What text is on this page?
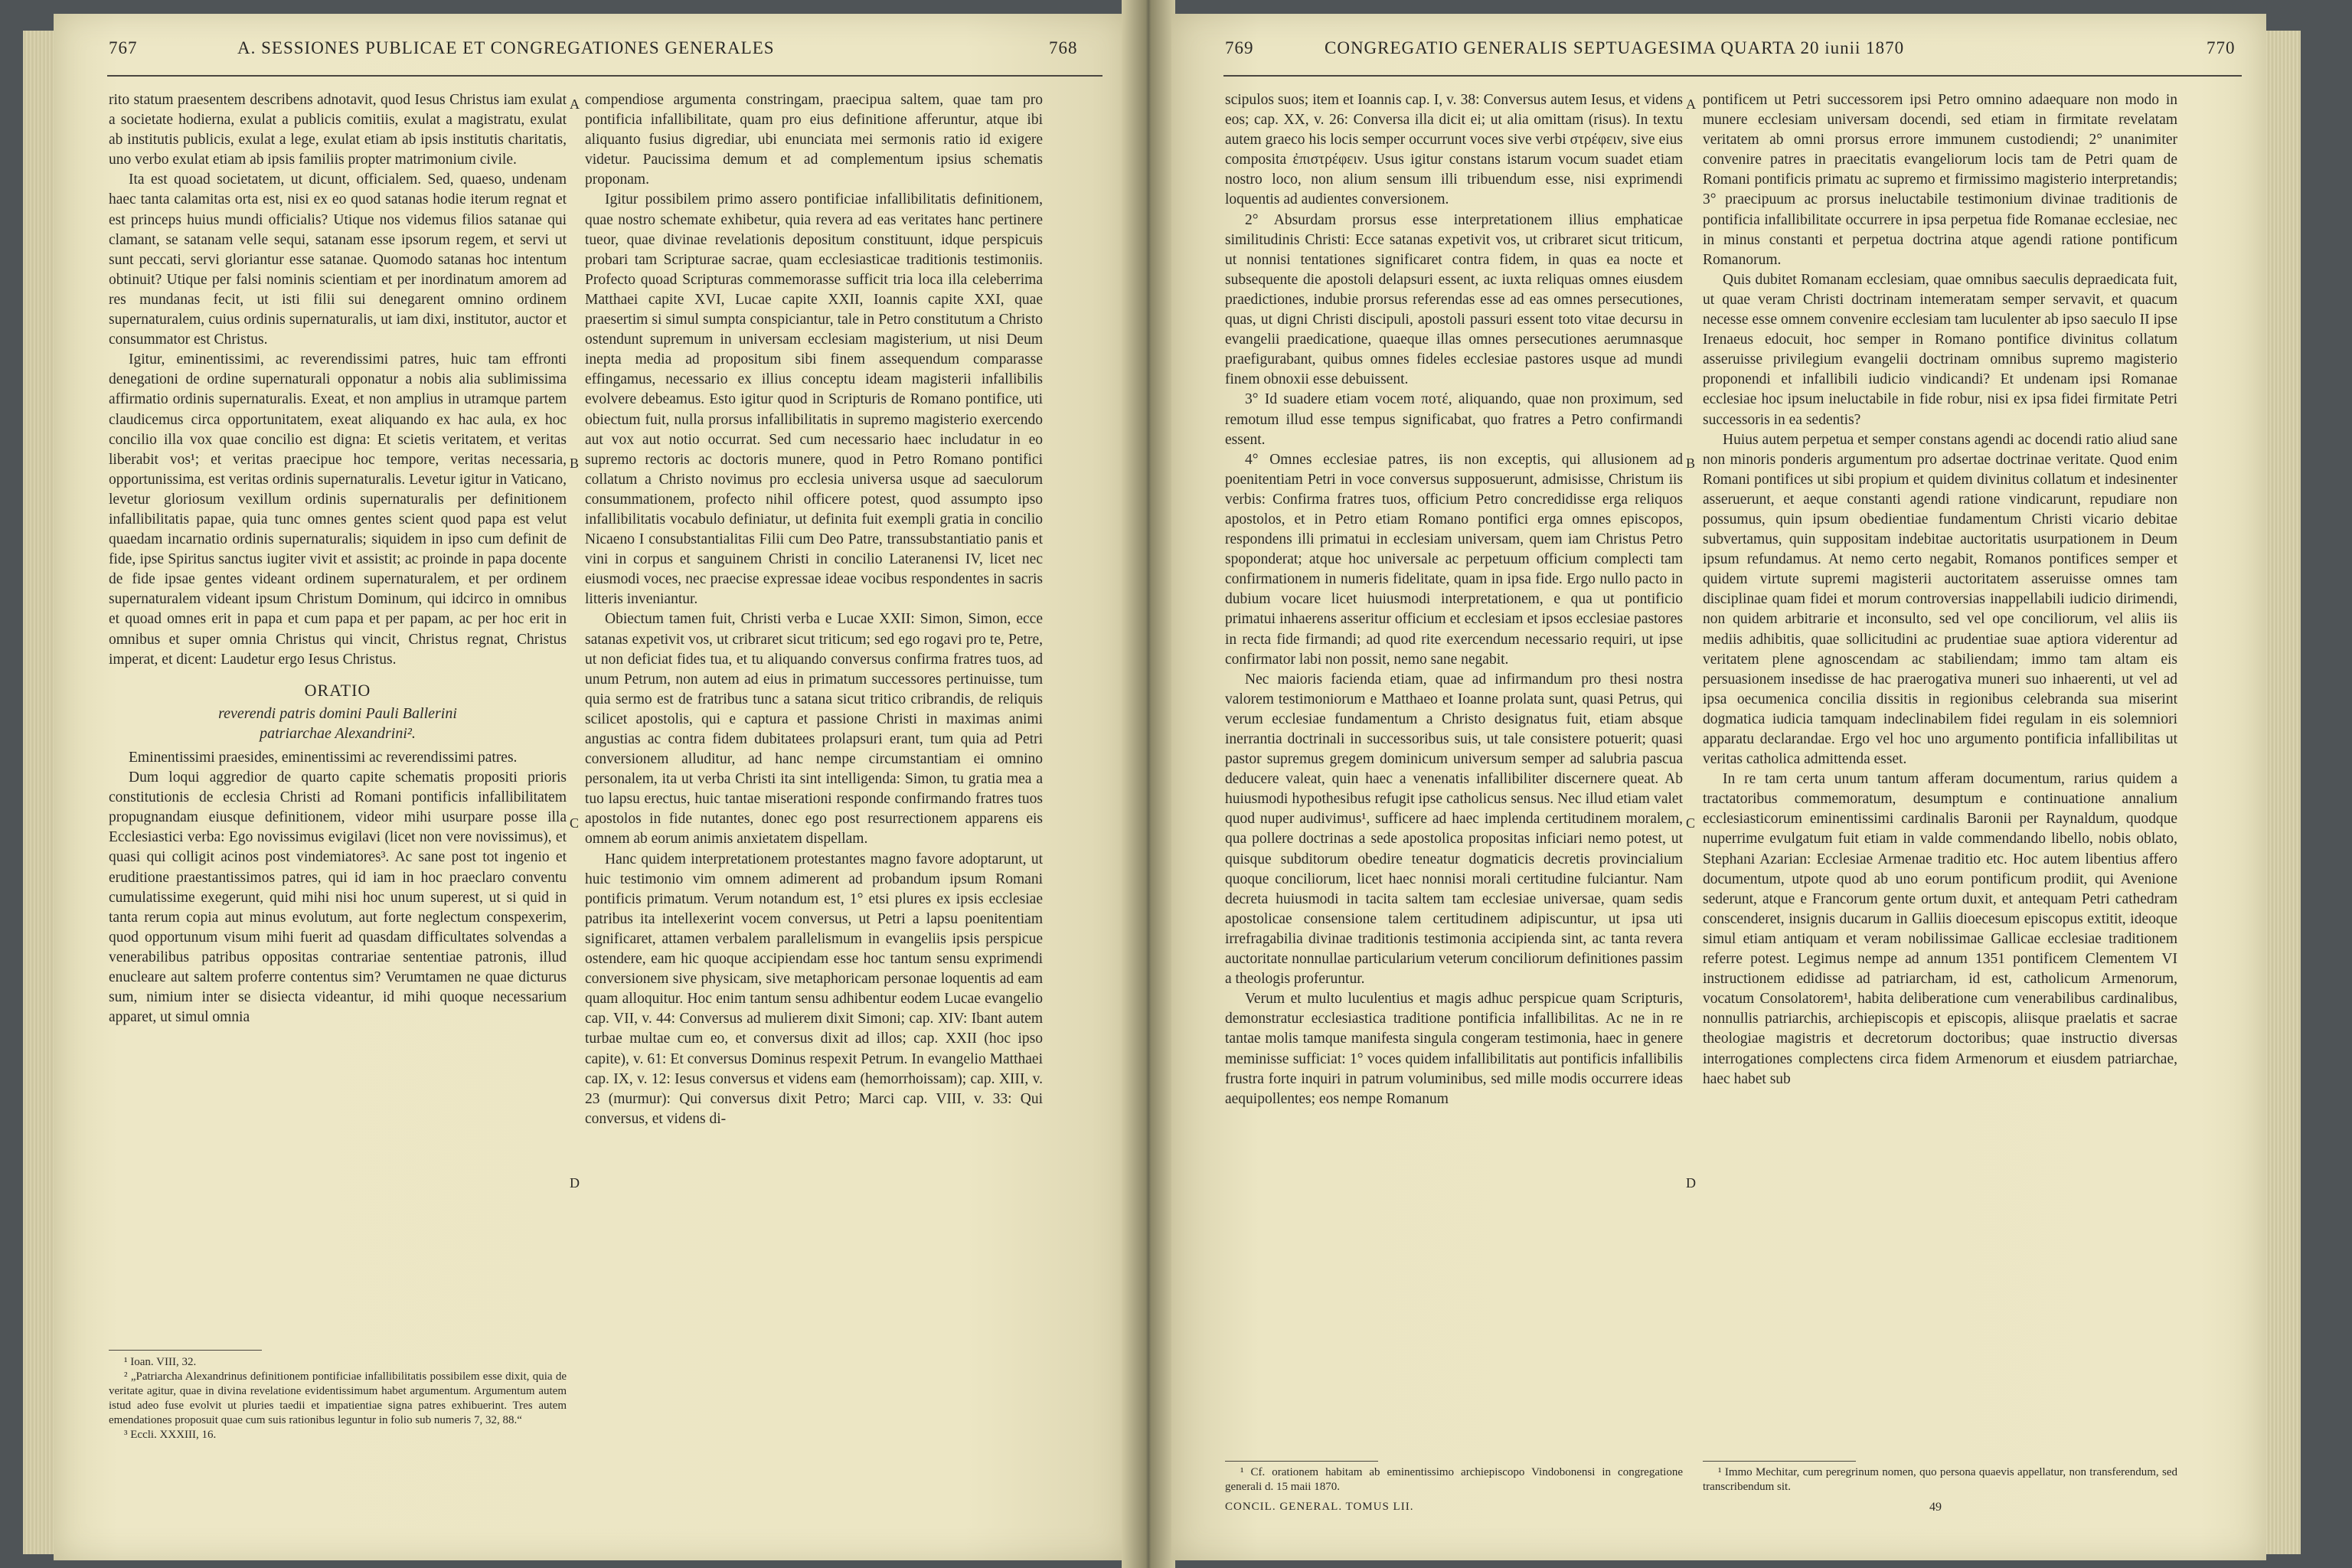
767	A. SESSIONES PUBLICAE ET CONGREGATIONES GENERALES	768

rito statum praesentem describens adnotavit, quod Iesus Christus iam exulat a societate hodierna, exulat a publicis comitiis, exulat a magistratu, exulat ab institutis publicis, exulat a lege, exulat etiam ab ipsis institutis charitatis, uno verbo exulat etiam ab ipsis familiis propter matrimonium civile.

Ita est quoad societatem, ut dicunt, officialem. Sed, quaeso, undenam haec tanta calamitas orta est, nisi ex eo quod satanas hodie iterum regnat et est princeps huius mundi officialis? Utique nos videmus filios satanae qui clamant, se satanam velle sequi, satanam esse ipsorum regem, et servi ut sunt peccati, servi gloriantur esse satanae. Quomodo satanas hoc intentum obtinuit? Utique per falsi nominis scientiam et per inordinatum amorem ad res mundanas fecit, ut isti filii sui denegarent omnino ordinem supernaturalem, cuius ordinis supernaturalis, ut iam dixi, institutor, auctor et consummator est Christus.

Igitur, eminentissimi, ac reverendissimi patres, huic tam effronti denegationi de ordine supernaturali opponatur a nobis alia sublimissima affirmatio ordinis supernaturalis. Exeat, et non amplius in utramque partem claudicemus circa opportunitatem, exeat aliquando ex hac aula, ex hoc concilio illa vox quae concilio est digna: Et scietis veritatem, et veritas liberabit vos¹; et veritas praecipue hoc tempore, veritas necessaria, opportunissima, est veritas ordinis supernaturalis. Levetur igitur in Vaticano, levetur gloriosum vexillum ordinis supernaturalis per definitionem infallibilitatis papae, quia tunc omnes gentes scient quod papa est velut quaedam incarnatio ordinis supernaturalis; siquidem in ipso cum definit de fide, ipse Spiritus sanctus iugiter vivit et assistit; ac proinde in papa docente de fide ipsae gentes videant ordinem supernaturalem, et per ordinem supernaturalem videant ipsum Christum Dominum, qui idcirco in omnibus et quoad omnes erit in papa et cum papa et per papam, ac per hoc erit in omnibus et super omnia Christus qui vincit, Christus regnat, Christus imperat, et dicent: Laudetur ergo Iesus Christus.

ORATIO

reverendi patris domini Pauli Ballerini

patriarchae Alexandrini².

Eminentissimi praesides, eminentissimi ac reverendissimi patres.

Dum loqui aggredior de quarto capite schematis propositi prioris constitutionis de ecclesia Christi ad Romani pontificis infallibilitatem propugnandam eiusque definitionem, videor mihi usurpare posse illa Ecclesiastici verba: Ego novissimus evigilavi (licet non vere novissimus), et quasi qui colligit acinos post vindemiatores³. Ac sane post tot ingenio et eruditione praestantissimos patres, qui id iam in hoc praeclaro conventu cumulatissime exegerunt, quid mihi nisi hoc unum superest, ut si quid in tanta rerum copia aut minus evolutum, aut forte neglectum conspexerim, quod opportunum visum mihi fuerit ad quasdam difficultates solvendas a venerabilibus patribus oppositas contrariae sententiae patronis, illud enucleare aut saltem proferre contentus sim? Verumtamen ne quae dicturus sum, nimium inter se disiecta videantur, id mihi quoque necessarium apparet, ut simul omnia

¹ Ioan. VIII, 32.

² „Patriarcha Alexandrinus definitionem pontificiae infallibilitatis possibilem esse dixit, quia de veritate agitur, quae in divina revelatione evidentissimum habet argumentum. Argumentum autem istud adeo fuse evolvit ut pluries taedii et impatientiae signa patres exhibuerint. Tres autem emendationes proposuit quae cum suis rationibus leguntur in folio sub numeris 7, 32, 88.“

³ Eccli. XXXIII, 16.

A
B
C
D

compendiose argumenta constringam, praecipua saltem, quae tam pro pontificia infallibilitate, quam pro eius definitione afferuntur, atque ibi aliquanto fusius digrediar, ubi enunciata mei sermonis ratio id exigere videtur. Paucissima demum et ad complementum ipsius schematis proponam.

Igitur possibilem primo assero pontificiae infallibilitatis definitionem, quae nostro schemate exhibetur, quia revera ad eas veritates hanc pertinere tueor, quae divinae revelationis depositum constituunt, idque perspicuis probari tam Scripturae sacrae, quam ecclesiasticae traditionis testimoniis. Profecto quoad Scripturas commemorasse sufficit tria loca illa celeberrima Matthaei capite XVI, Lucae capite XXII, Ioannis capite XXI, quae praesertim si simul sumpta conspiciantur, tale in Petro constitutum a Christo ostendunt supremum in universam ecclesiam magisterium, ut nisi Deum inepta media ad propositum sibi finem assequendum comparasse effingamus, necessario ex illius conceptu ideam magisterii infallibilis evolvere debeamus. Esto igitur quod in Scripturis de Romano pontifice, uti obiectum fuit, nulla prorsus infallibilitatis in supremo magisterio exercendo aut vox aut notio occurrat. Sed cum necessario haec includatur in eo supremo rectoris ac doctoris munere, quod in Petro Romano pontifici collatum a Christo novimus pro ecclesia universa usque ad saeculorum consummationem, profecto nihil officere potest, quod assumpto ipso infallibilitatis vocabulo definiatur, ut definita fuit exempli gratia in concilio Nicaeno I consubstantialitas Filii cum Deo Patre, transsubstantiatio panis et vini in corpus et sanguinem Christi in concilio Lateranensi IV, licet nec eiusmodi voces, nec praecise expressae ideae vocibus respondentes in sacris litteris inveniantur.

Obiectum tamen fuit, Christi verba e Lucae XXII: Simon, Simon, ecce satanas expetivit vos, ut cribraret sicut triticum; sed ego rogavi pro te, Petre, ut non deficiat fides tua, et tu aliquando conversus confirma fratres tuos, ad unum Petrum, non autem ad eius in primatum successores pertinuisse, tum quia sermo est de fratribus tunc a satana sicut tritico cribrandis, de reliquis scilicet apostolis, qui e captura et passione Christi in maximas animi angustias ac contra fidem dubitatees prolapsuri erant, tum quia ad Petri conversionem alluditur, ad hanc nempe circumstantiam ei omnino personalem, ita ut verba Christi ita sint intelligenda: Simon, tu gratia mea a tuo lapsu erectus, huic tantae miserationi responde confirmando fratres tuos apostolos in fide nutantes, donec ego post resurrectionem apparens eis omnem ab eorum animis anxietatem dispellam.

Hanc quidem interpretationem protestantes magno favore adoptarunt, ut huic testimonio vim omnem adimerent ad probandum ipsum Romani pontificis primatum. Verum notandum est, 1° etsi plures ex ipsis ecclesiae patribus ita intellexerint vocem conversus, ut Petri a lapsu poenitentiam significaret, attamen verbalem parallelismum in evangeliis ipsis perspicue ostendere, eam hic quoque accipiendam esse hoc tantum sensu exprimendi conversionem sive physicam, sive metaphoricam personae loquentis ad eam quam alloquitur. Hoc enim tantum sensu adhibentur eodem Lucae evangelio cap. VII, v. 44: Conversus ad mulierem dixit Simoni; cap. XIV: Ibant autem turbae multae cum eo, et conversus dixit ad illos; cap. XXII (hoc ipso capite), v. 61: Et conversus Dominus respexit Petrum. In evangelio Matthaei cap. IX, v. 12: Iesus conversus et videns eam (hemorrhoissam); cap. XIII, v. 23 (murmur): Qui conversus dixit Petro; Marci cap. VIII, v. 33: Qui conversus, et videns di-

769	CONGREGATIO GENERALIS SEPTUAGESIMA QUARTA 20 iunii 1870	770

scipulos suos; item et Ioannis cap. I, v. 38: Conversus autem Iesus, et videns eos; cap. XX, v. 26: Conversa illa dicit ei; ut alia omittam (risus). In textu autem graeco his locis semper occurrunt voces sive verbi στρέφειν, sive eius composita ἐπιστρέφειν. Usus igitur constans istarum vocum suadet etiam nostro loco, non alium sensum illi tribuendum esse, nisi exprimendi loquentis ad audientes conversionem.

2° Absurdam prorsus esse interpretationem illius emphaticae similitudinis Christi: Ecce satanas expetivit vos, ut cribraret sicut triticum, ut nonnisi tentationes significaret contra fidem, in quas ea nocte et subsequente die apostoli delapsuri essent, ac iuxta reliquas omnes eiusdem praedictiones, indubie prorsus referendas esse ad eas omnes persecutiones, quas, ut digni Christi discipuli, apostoli passuri essent toto vitae decursu in evangelii praedicatione, quaeque illas omnes persecutiones aerumnasque praefigurabant, quibus omnes fideles ecclesiae pastores usque ad mundi finem obnoxii esse debuissent.

3° Id suadere etiam vocem ποτέ, aliquando, quae non proximum, sed remotum illud esse tempus significabat, quo fratres a Petro confirmandi essent.

4° Omnes ecclesiae patres, iis non exceptis, qui allusionem ad poenitentiam Petri in voce conversus supposuerunt, admisisse, Christum iis verbis: Confirma fratres tuos, officium Petro concredidisse erga reliquos apostolos, et in Petro etiam Romano pontifici erga omnes episcopos, respondens illi primatui in ecclesiam universam, quem iam Christus Petro spoponderat; atque hoc universale ac perpetuum officium complecti tam confirmationem in numeris fidelitate, quam in ipsa fide. Ergo nullo pacto in dubium vocare licet huiusmodi interpretationem, e qua ut pontificio primatui inhaerens asseritur officium et ecclesiam et ipsos ecclesiae pastores in recta fide firmandi; ad quod rite exercendum necessario requiri, ut ipse confirmator labi non possit, nemo sane negabit.

Nec maioris facienda etiam, quae ad infirmandum pro thesi nostra valorem testimoniorum e Matthaeo et Ioanne prolata sunt, quasi Petrus, qui verum ecclesiae fundamentum a Christo designatus fuit, etiam absque inerrantia doctrinali in successoribus suis, ut tale consistere potuerit; quasi pastor supremus gregem dominicum universum semper ad salubria pascua deducere valeat, quin haec a venenatis infallibiliter discernere queat. Ab huiusmodi hypothesibus refugit ipse catholicus sensus. Nec illud etiam valet quod nuper audivimus¹, sufficere ad haec implenda certitudinem moralem, qua pollere doctrinas a sede apostolica propositas inficiari nemo potest, ut quisque subditorum obedire teneatur dogmaticis decretis provincialium quoque conciliorum, licet haec nonnisi morali certitudine fulciantur. Nam decreta huiusmodi in tacita saltem tam ecclesiae universae, quam sedis apostolicae consensione talem certitudinem adipiscuntur, ut ipsa uti irrefragabilia divinae traditionis testimonia accipienda sint, ac tanta revera auctoritate nonnullae particularium veterum conciliorum definitiones passim a theologis proferuntur.

Verum et multo luculentius et magis adhuc perspicue quam Scripturis, demonstratur ecclesiastica traditione pontificia infallibilitas. Ac ne in re tantae molis tamque manifesta singula congeram testimonia, haec in genere meminisse sufficiat: 1° voces quidem infallibilitatis aut pontificis infallibilis frustra forte inquiri in patrum voluminibus, sed mille modis occurrere ideas aequipollentes; eos nempe Romanum

A
B
C
D

pontificem ut Petri successorem ipsi Petro omnino adaequare non modo in munere ecclesiam universam docendi, sed etiam in firmitate revelatam veritatem ab omni prorsus errore immunem custodiendi; 2° unanimiter convenire patres in praecitatis evangeliorum locis tam de Petri quam de Romani pontificis primatu ac supremo et firmissimo magisterio interpretandis; 3° praecipuum ac prorsus ineluctabile testimonium divinae traditionis de pontificia infallibilitate occurrere in ipsa perpetua fide Romanae ecclesiae, nec in minus constanti et perpetua doctrina atque agendi ratione pontificum Romanorum.

Quis dubitet Romanam ecclesiam, quae omnibus saeculis depraedicata fuit, ut quae veram Christi doctrinam intemeratam semper servavit, et quacum necesse esse omnem convenire ecclesiam tam luculenter ab ipso saeculo II ipse Irenaeus edocuit, hoc semper in Romano pontifice divinitus collatum asseruisse privilegium evangelii doctrinam omnibus supremo magisterio proponendi et infallibili iudicio vindicandi? Et undenam ipsi Romanae ecclesiae hoc ipsum ineluctabile in fide robur, nisi ex ipsa fidei firmitate Petri successoris in ea sedentis?

Huius autem perpetua et semper constans agendi ac docendi ratio aliud sane non minoris ponderis argumentum pro adsertae doctrinae veritate. Quod enim Romani pontifices ut sibi propium et quidem divinitus collatum et indesinenter asseruerunt, et aeque constanti agendi ratione vindicarunt, repudiare non possumus, quin ipsum obedientiae fundamentum Christi vicario debitae subvertamus, quin suppositam indebitae auctoritatis usurpationem in Deum ipsum refundamus. At nemo certo negabit, Romanos pontifices semper et quidem virtute supremi magisterii auctoritatem asseruisse omnes tam disciplinae quam fidei et morum controversias inappellabili iudicio dirimendi, non quidem arbitrarie et inconsulto, sed vel ope conciliorum, vel aliis iis mediis adhibitis, quae sollicitudini ac prudentiae suae aptiora viderentur ad veritatem plene agnoscendam ac stabiliendam; immo tam altam eis persuasionem insedisse de hac praerogativa muneri suo inhaerenti, ut vel ad ipsa oecumenica concilia dissitis in regionibus celebranda sua miserint dogmatica iudicia tamquam indeclinabilem fidei regulam in eis solemniori apparatu declarandae. Ergo vel hoc uno argumento pontificia infallibilitas ut veritas catholica admittenda esset.

In re tam certa unum tantum afferam documentum, rarius quidem a tractatoribus commemoratum, desumptum e continuatione annalium ecclesiasticorum eminentissimi cardinalis Baronii per Raynaldum, quodque nuperrime evulgatum fuit etiam in valde commendando libello, nobis oblato, Stephani Azarian: Ecclesiae Armenae traditio etc. Hoc autem libentius affero documentum, utpote quod ab uno eorum pontificum prodiit, qui Avenione sederunt, atque e Francorum gente ortum duxit, et antequam Petri cathedram conscenderet, insignis ducarum in Galliis dioecesum episcopus extitit, ideoque simul etiam antiquam et veram nobilissimae Gallicae ecclesiae traditionem referre potest. Legimus nempe ad annum 1351 pontificem Clementem VI instructionem edidisse ad patriarcham, id est, catholicum Armenorum, vocatum Consolatorem¹, habita deliberatione cum venerabilibus cardinalibus, nonnullis patriarchis, archiepiscopis et episcopis, aliisque praelatis et sacrae theologiae magistris et decretorum doctoribus; quae instructio diversas interrogationes complectens circa fidem Armenorum et eiusdem patriarchae, haec habet sub

¹ Cf. orationem habitam ab eminentissimo archiepiscopo Vindobonensi in congregatione generali d. 15 maii 1870.

¹ Immo Mechitar, cum peregrinum nomen, quo persona quaevis appellatur, non transferendum, sed transcribendum sit.

CONCIL. GENERAL. TOMUS LII.	49
